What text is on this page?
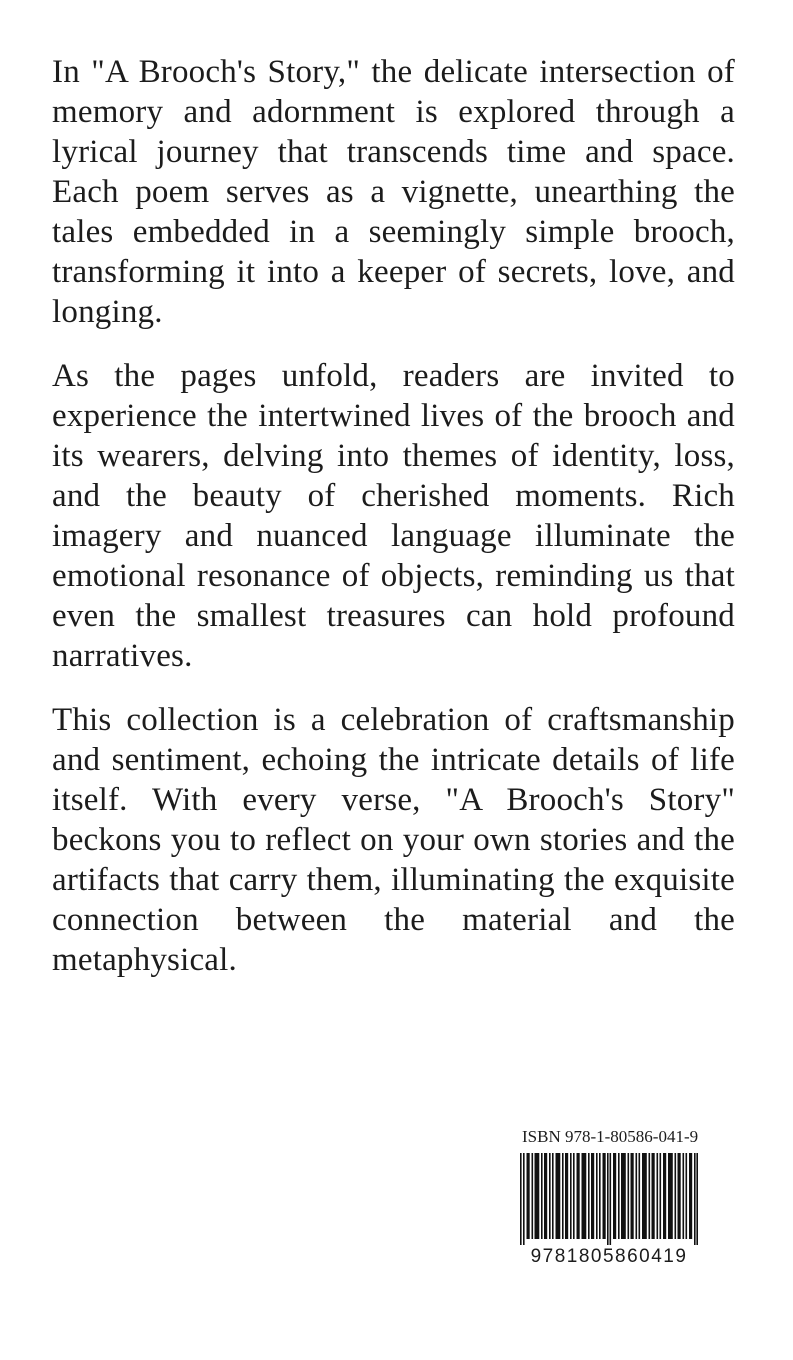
In "A Brooch's Story," the delicate intersection of memory and adornment is explored through a lyrical journey that transcends time and space. Each poem serves as a vignette, unearthing the tales embedded in a seemingly simple brooch, transforming it into a keeper of secrets, love, and longing.

As the pages unfold, readers are invited to experience the intertwined lives of the brooch and its wearers, delving into themes of identity, loss, and the beauty of cherished moments. Rich imagery and nuanced language illuminate the emotional resonance of objects, reminding us that even the smallest treasures can hold profound narratives.

This collection is a celebration of craftsmanship and sentiment, echoing the intricate details of life itself. With every verse, "A Brooch's Story" beckons you to reflect on your own stories and the artifacts that carry them, illuminating the exquisite connection between the material and the metaphysical.

ISBN 978-1-80586-041-9
9781805860419
